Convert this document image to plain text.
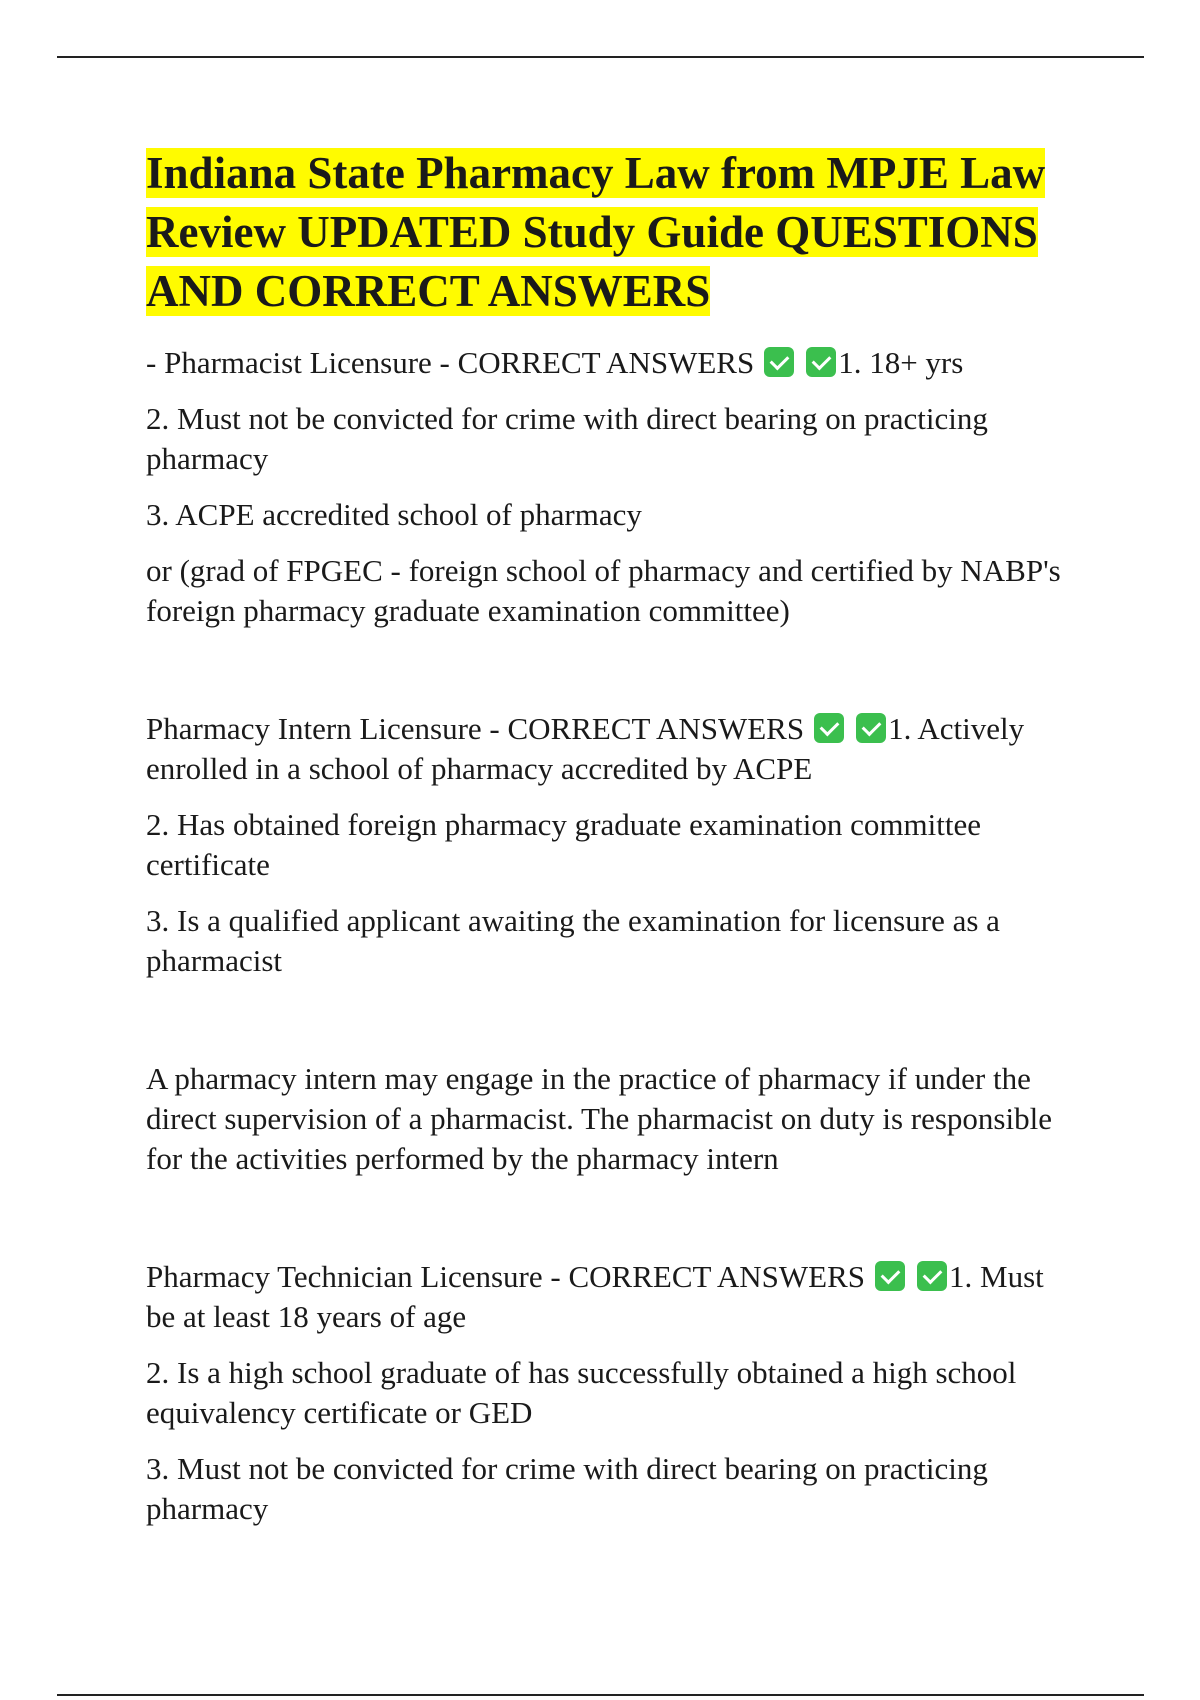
Indiana State Pharmacy Law from MPJE Law Review UPDATED Study Guide QUESTIONS AND CORRECT ANSWERS

- Pharmacist Licensure - CORRECT ANSWERS	1. 18+ yrs

2. Must not be convicted for crime with direct bearing on practicing pharmacy

3. ACPE accredited school of pharmacy

or (grad of FPGEC - foreign school of pharmacy and certified by NABP's foreign pharmacy graduate examination committee)

Pharmacy Intern Licensure - CORRECT ANSWERS	1. Actively enrolled in a school of pharmacy accredited by ACPE

2. Has obtained foreign pharmacy graduate examination committee certificate

3. Is a qualified applicant awaiting the examination for licensure as a pharmacist

A pharmacy intern may engage in the practice of pharmacy if under the direct supervision of a pharmacist. The pharmacist on duty is responsible for the activities performed by the pharmacy intern

Pharmacy Technician Licensure - CORRECT ANSWERS	1. Must be at least 18 years of age

2. Is a high school graduate of has successfully obtained a high school equivalency certificate or GED

3. Must not be convicted for crime with direct bearing on practicing pharmacy
